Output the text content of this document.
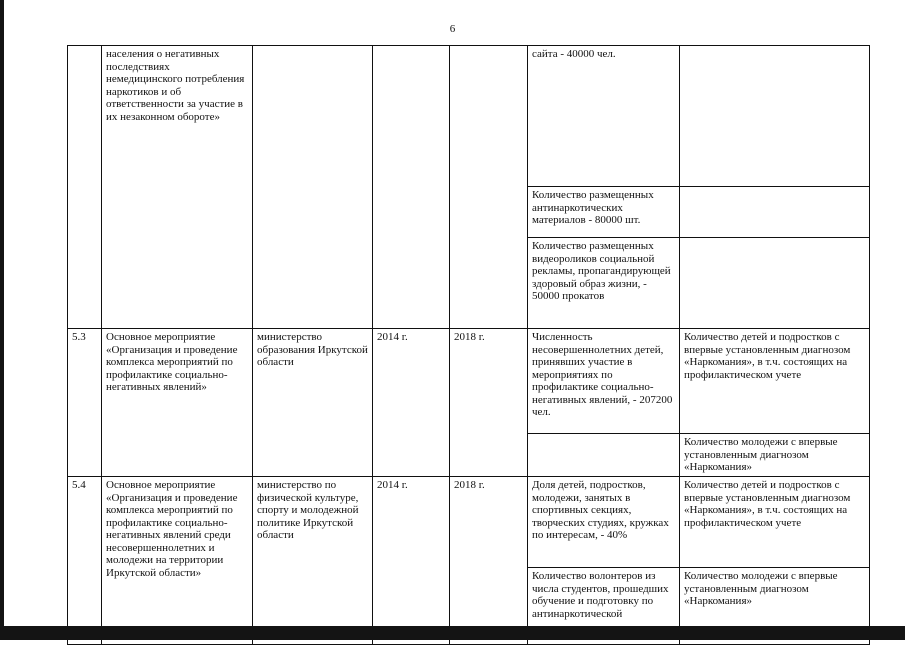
6
	населения о негативных последствиях немедицинского потребления наркотиков и об ответственности за участие в их незаконном обороте»				сайта - 40000 чел.	
					Количество размещенных антинаркотических материалов - 80000 шт.	
					Количество размещенных видеороликов социальной рекламы, пропагандирующей здоровый образ жизни, - 50000 прокатов	
5.3	Основное мероприятие «Организация и проведение комплекса мероприятий по профилактике социально-негативных явлений»	министерство образования Иркутской области	2014 г.	2018 г.	Численность несовершеннолетних детей, принявших участие в мероприятиях по профилактике социально-негативных явлений, - 207200 чел.	Количество детей и подростков с впервые установленным диагнозом «Наркомания», в т.ч. состоящих на профилактическом учете
						Количество молодежи с впервые установленным диагнозом «Наркомания»
5.4	Основное мероприятие «Организация и проведение комплекса мероприятий по профилактике социально-негативных явлений среди несовершеннолетних и молодежи на территории Иркутской области»	министерство по физической культуре, спорту и молодежной политике Иркутской области	2014 г.	2018 г.	Доля детей, подростков, молодежи, занятых в спортивных секциях, творческих студиях, кружках по интересам, - 40%	Количество детей и подростков с впервые установленным диагнозом «Наркомания», в т.ч. состоящих на профилактическом учете
					Количество волонтеров из числа студентов, прошедших обучение и подготовку по антинаркотической	Количество молодежи с впервые установленным диагнозом «Наркомания»
